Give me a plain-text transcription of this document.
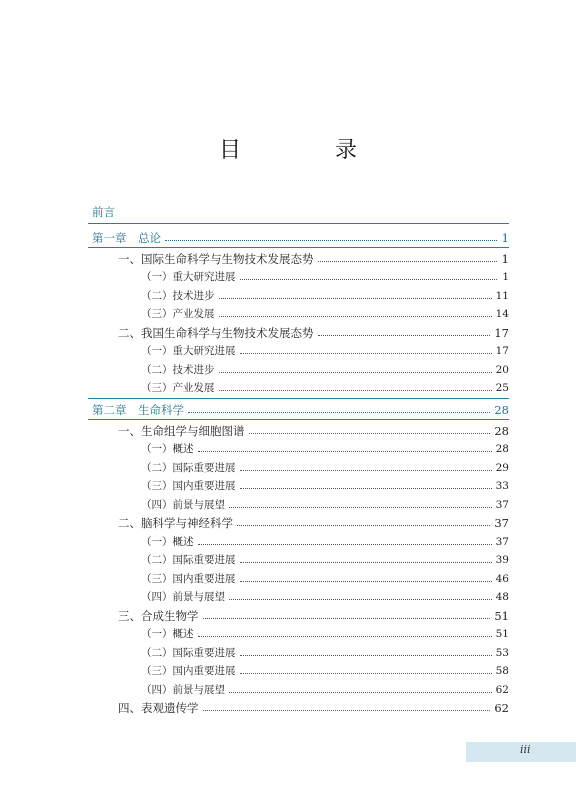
目　录
前言
第一章　总论	1
一、国际生命科学与生物技术发展态势	1
（一）重大研究进展	1
（二）技术进步	11
（三）产业发展	14
二、我国生命科学与生物技术发展态势	17
（一）重大研究进展	17
（二）技术进步	20
（三）产业发展	25
第二章　生命科学	28
一、生命组学与细胞图谱	28
（一）概述	28
（二）国际重要进展	29
（三）国内重要进展	33
（四）前景与展望	37
二、脑科学与神经科学	37
（一）概述	37
（二）国际重要进展	39
（三）国内重要进展	46
（四）前景与展望	48
三、合成生物学	51
（一）概述	51
（二）国际重要进展	53
（三）国内重要进展	58
（四）前景与展望	62
四、表观遗传学	62
iii
